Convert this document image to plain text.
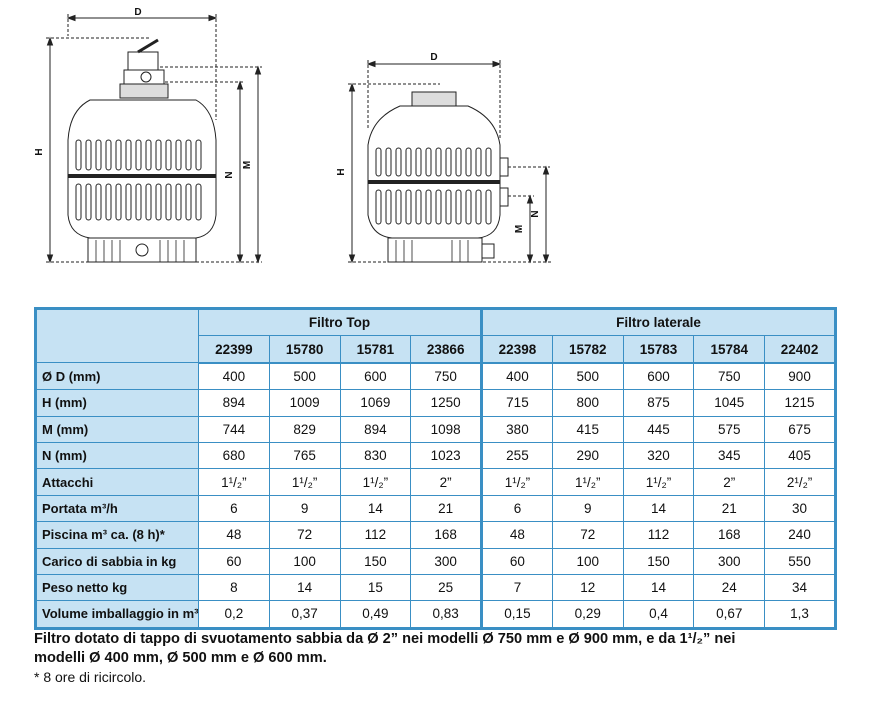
D
H
N
M
D
H
N
M
	Filtro Top				Filtro laterale				
	22399	15780	15781	23866	22398	15782	15783	15784	22402
Ø D (mm)	400	500	600	750	400	500	600	750	900
H (mm)	894	1009	1069	1250	715	800	875	1045	1215
M (mm)	744	829	894	1098	380	415	445	575	675
N (mm)	680	765	830	1023	255	290	320	345	405
Attacchi	1¹/₂”	1¹/₂”	1¹/₂”	2”	1¹/₂”	1¹/₂”	1¹/₂”	2”	2¹/₂”
Portata m³/h	6	9	14	21	6	9	14	21	30
Piscina m³ ca. (8 h)*	48	72	112	168	48	72	112	168	240
Carico di sabbia in kg	60	100	150	300	60	100	150	300	550
Peso netto kg	8	14	15	25	7	12	14	24	34
Volume imballaggio in m³	0,2	0,37	0,49	0,83	0,15	0,29	0,4	0,67	1,3
Filtro dotato di tappo di svuotamento sabbia da Ø 2” nei modelli Ø 750 mm e Ø 900 mm, e da 1¹/₂” nei
modelli Ø 400 mm, Ø 500 mm e Ø 600 mm.
* 8 ore di ricircolo.
